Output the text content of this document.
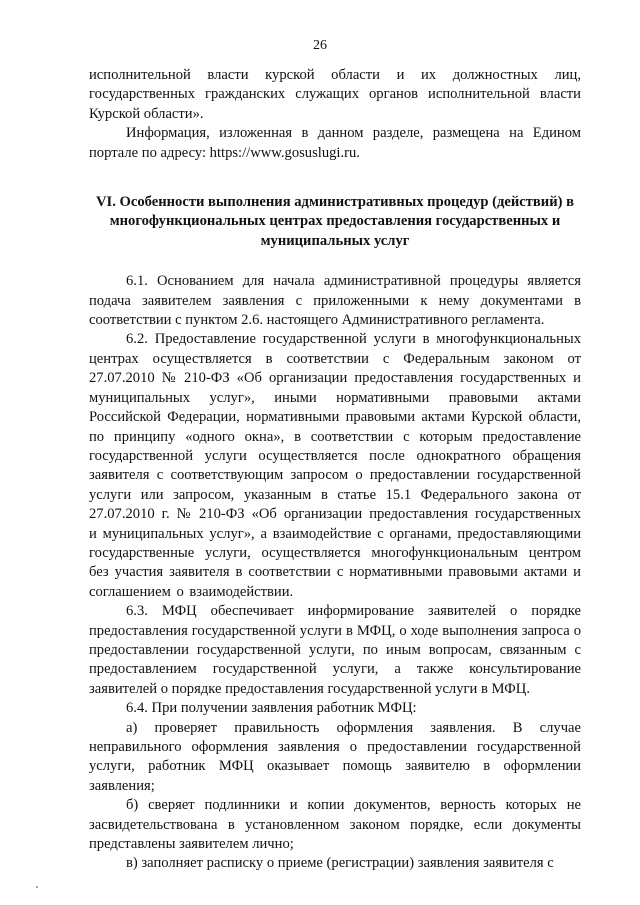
26

исполнительной власти курской области и их должностных лиц, государственных гражданских служащих органов исполнительной власти Курской области».

Информация, изложенная в данном разделе, размещена на Едином портале по адресу: https://www.gosuslugi.ru.

VI. Особенности выполнения административных процедур (действий) в многофункциональных центрах предоставления государственных и муниципальных услуг

6.1. Основанием для начала административной процедуры является подача заявителем заявления с приложенными к нему документами в соответствии с пунктом 2.6. настоящего Административного регламента.

6.2. Предоставление государственной услуги в многофункциональных центрах осуществляется в соответствии с Федеральным законом от 27.07.2010 № 210-ФЗ «Об организации предоставления государственных и муниципальных услуг», иными нормативными правовыми актами Российской Федерации, нормативными правовыми актами Курской области, по принципу «одного окна», в соответствии с которым предоставление государственной услуги осуществляется после однократного обращения заявителя с соответствующим запросом о предоставлении государственной услуги или запросом, указанным в статье 15.1 Федерального закона от 27.07.2010 г. № 210-ФЗ «Об организации предоставления государственных и муниципальных услуг», а взаимодействие с органами, предоставляющими государственные услуги, осуществляется многофункциональным центром без участия заявителя в соответствии с нормативными правовыми актами и соглашением о взаимодействии.

6.3. МФЦ обеспечивает информирование заявителей о порядке предоставления государственной услуги в МФЦ, о ходе выполнения запроса о предоставлении государственной услуги, по иным вопросам, связанным с предоставлением государственной услуги, а также консультирование заявителей о порядке предоставления государственной услуги в МФЦ.

6.4. При получении заявления работник МФЦ:

а) проверяет правильность оформления заявления. В случае неправильного оформления заявления о предоставлении государственной услуги, работник МФЦ оказывает помощь заявителю в оформлении заявления;

б) сверяет подлинники и копии документов, верность которых не засвидетельствована в установленном законом порядке, если документы представлены заявителем лично;

в) заполняет расписку о приеме (регистрации) заявления заявителя с
